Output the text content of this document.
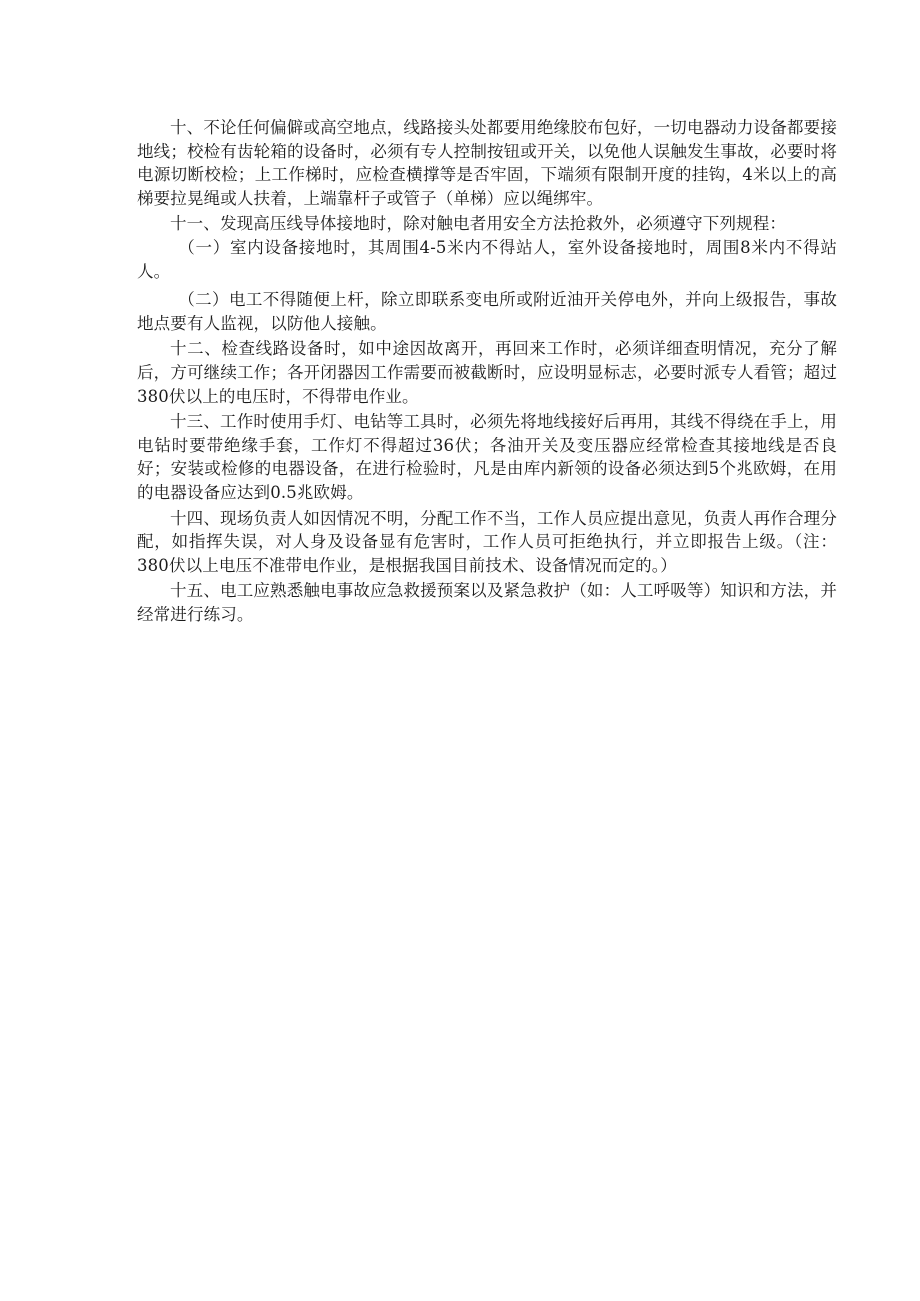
十、不论任何偏僻或高空地点，线路接头处都要用绝缘胶布包好，一切电器动力设备都要接地线；校检有齿轮箱的设备时，必须有专人控制按钮或开关，以免他人误触发生事故，必要时将电源切断校检；上工作梯时，应检查横撑等是否牢固，下端须有限制开度的挂钩，4米以上的高梯要拉晃绳或人扶着，上端靠杆子或管子（单梯）应以绳绑牢。

十一、发现高压线导体接地时，除对触电者用安全方法抢救外，必须遵守下列规程：

（一）室内设备接地时，其周围4-5米内不得站人，室外设备接地时，周围8米内不得站人。

（二）电工不得随便上杆，除立即联系变电所或附近油开关停电外，并向上级报告，事故地点要有人监视，以防他人接触。

十二、检查线路设备时，如中途因故离开，再回来工作时，必须详细查明情况，充分了解后，方可继续工作；各开闭器因工作需要而被截断时，应设明显标志，必要时派专人看管；超过380伏以上的电压时，不得带电作业。

十三、工作时使用手灯、电钻等工具时，必须先将地线接好后再用，其线不得绕在手上，用电钻时要带绝缘手套，工作灯不得超过36伏；各油开关及变压器应经常检查其接地线是否良好；安装或检修的电器设备，在进行检验时，凡是由库内新领的设备必须达到5个兆欧姆，在用的电器设备应达到0.5兆欧姆。

十四、现场负责人如因情况不明，分配工作不当，工作人员应提出意见，负责人再作合理分配，如指挥失误，对人身及设备显有危害时，工作人员可拒绝执行，并立即报告上级。（注：380伏以上电压不准带电作业，是根据我国目前技术、设备情况而定的。）

十五、电工应熟悉触电事故应急救援预案以及紧急救护（如：人工呼吸等）知识和方法，并经常进行练习。
